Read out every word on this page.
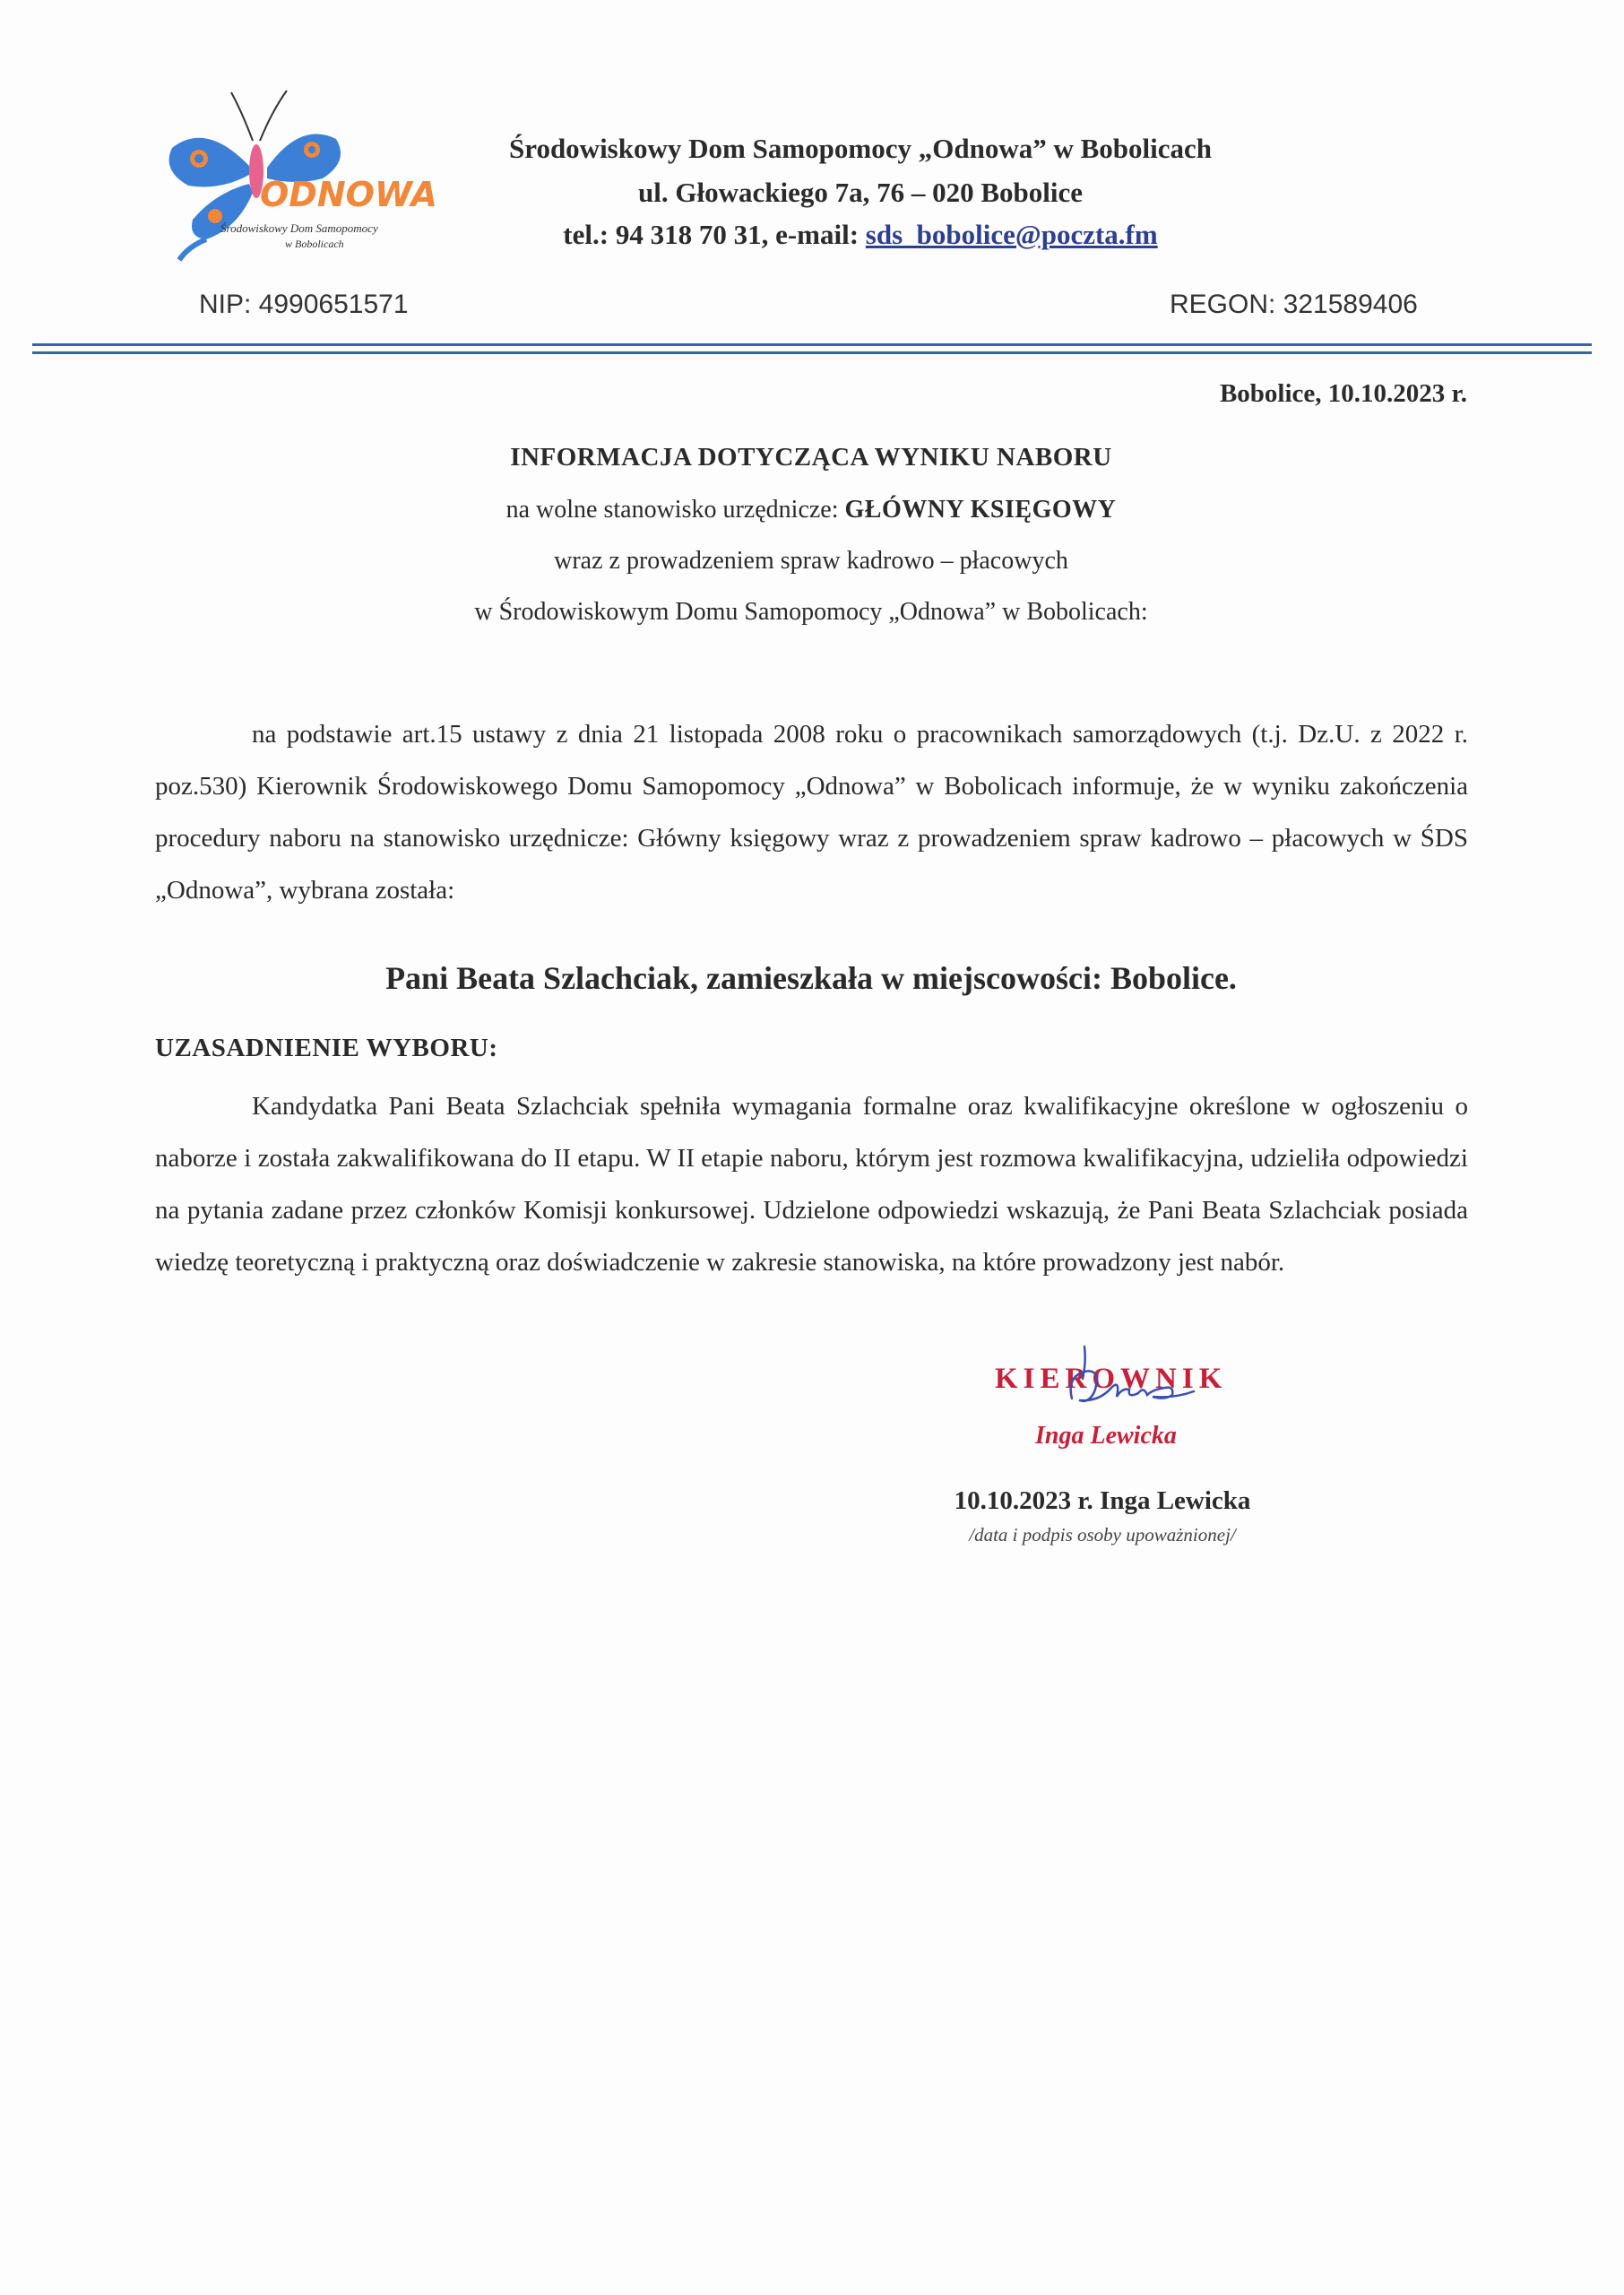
ODNOWA
Środowiskowy Dom Samopomocy
w Bobolicach
Środowiskowy Dom Samopomocy „Odnowa” w Bobolicach
ul. Głowackiego 7a, 76 – 020 Bobolice
tel.: 94 318 70 31, e-mail: sds_bobolice@poczta.fm
NIP: 4990651571	REGON: 321589406
Bobolice, 10.10.2023 r.
INFORMACJA DOTYCZĄCA WYNIKU NABORU
na wolne stanowisko urzędnicze: GŁÓWNY KSIĘGOWY
wraz z prowadzeniem spraw kadrowo – płacowych
w Środowiskowym Domu Samopomocy „Odnowa” w Bobolicach:
na podstawie art.15 ustawy z dnia 21 listopada 2008 roku o pracownikach samorządowych (t.j. Dz.U. z 2022 r. poz.530) Kierownik Środowiskowego Domu Samopomocy „Odnowa” w Bobolicach informuje, że w wyniku zakończenia procedury naboru na stanowisko urzędnicze: Główny księgowy wraz z prowadzeniem spraw kadrowo – płacowych w ŚDS „Odnowa”, wybrana została:
Pani Beata Szlachciak, zamieszkała w miejscowości: Bobolice.
UZASADNIENIE WYBORU:
Kandydatka Pani Beata Szlachciak spełniła wymagania formalne oraz kwalifikacyjne określone w ogłoszeniu o naborze i została zakwalifikowana do II etapu. W II etapie naboru, którym jest rozmowa kwalifikacyjna, udzieliła odpowiedzi na pytania zadane przez członków Komisji konkursowej. Udzielone odpowiedzi wskazują, że Pani Beata Szlachciak posiada wiedzę teoretyczną i praktyczną oraz doświadczenie w zakresie stanowiska, na które prowadzony jest nabór.
KIEROWNIK
Inga Lewicka
10.10.2023 r. Inga Lewicka
/data i podpis osoby upoważnionej/
